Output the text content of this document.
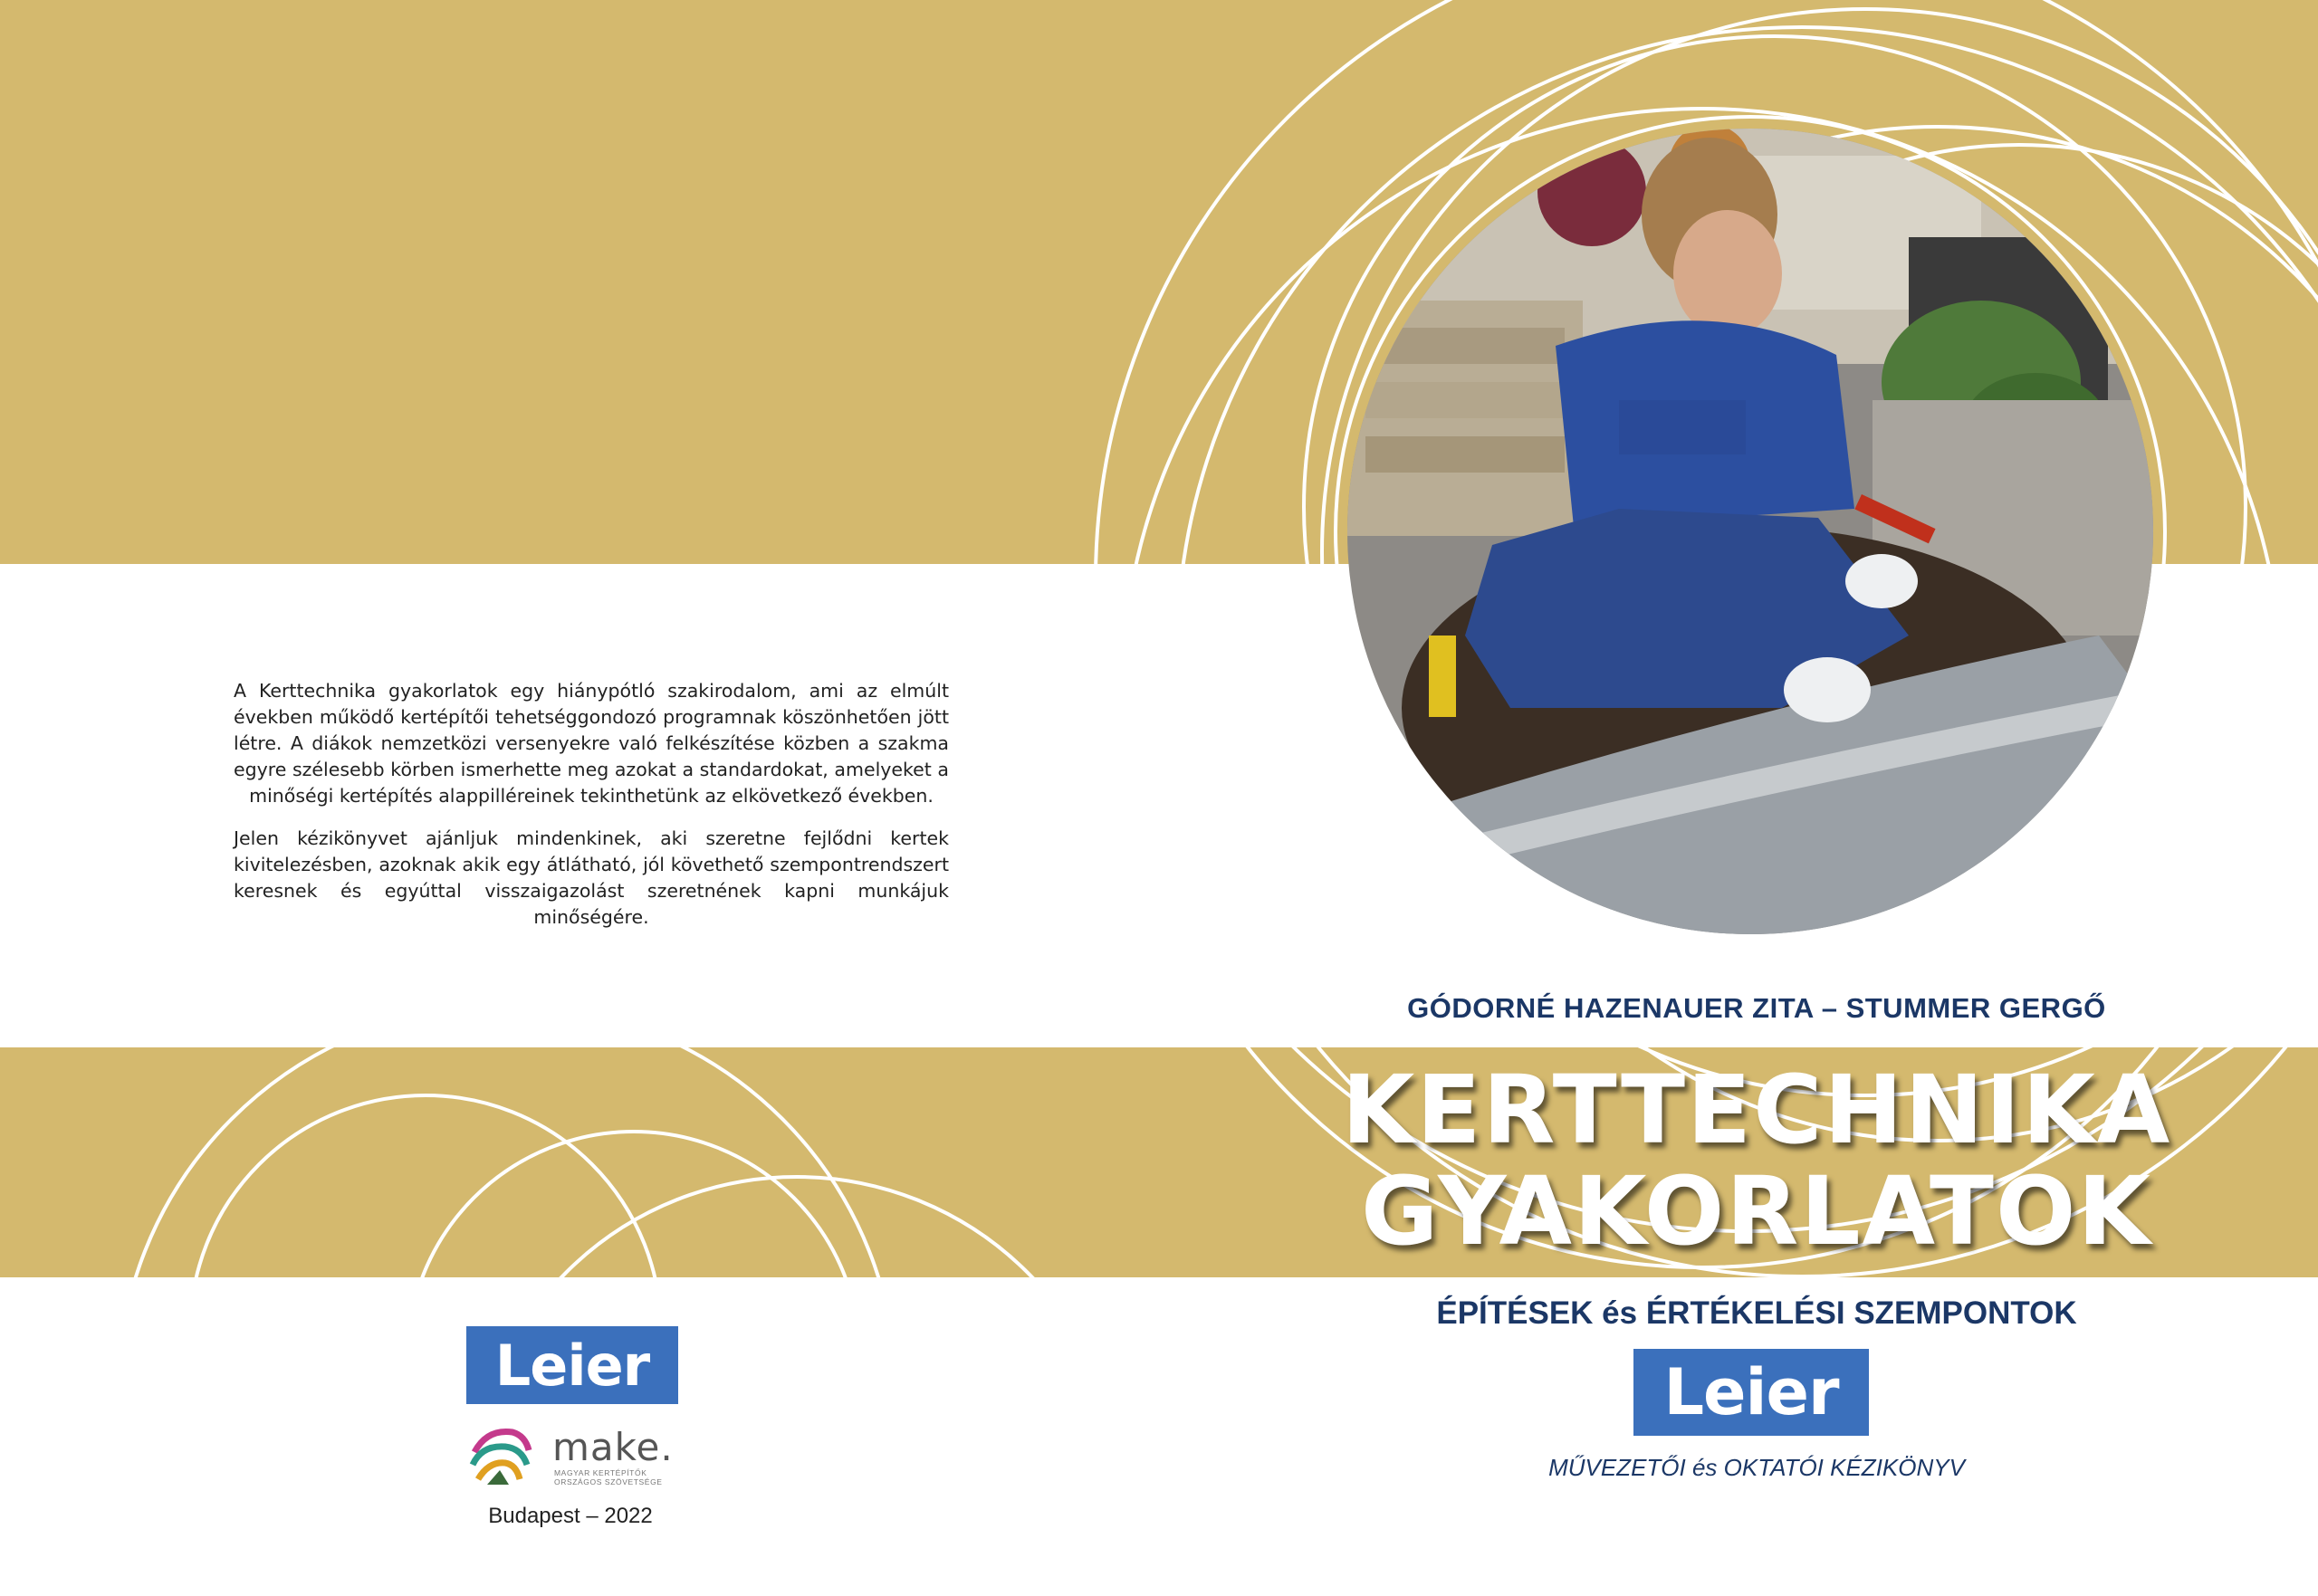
A Kerttechnika gyakorlatok egy hiánypótló szakirodalom, ami az elmúlt években működő kertépítői tehetséggondozó programnak köszönhetően jött létre. A diákok nemzetközi versenyekre való felkészítése közben a szakma egyre szélesebb körben ismerhette meg azokat a standardokat, amelyeket a minőségi kertépítés alappilléreinek tekinthetünk az elkövetkező években.

Jelen kézikönyvet ajánljuk mindenkinek, aki szeretne fejlődni kertek kivitelezésben, azoknak akik egy átlátható, jól követhető szempontrendszert keresnek és egyúttal visszaigazolást szeretnének kapni munkájuk minőségére.

GÓDORNÉ HAZENAUER ZITA – STUMMER GERGŐ
KERTTECHNIKA
GYAKORLATOK
ÉPÍTÉSEK és ÉRTÉKELÉSI SZEMPONTOK
Leier
MŰVEZETŐI és OKTATÓI KÉZIKÖNYV
Leier
make.
MAGYAR KERTÉPÍTŐK ORSZÁGOS SZÖVETSÉGE
Budapest – 2022
